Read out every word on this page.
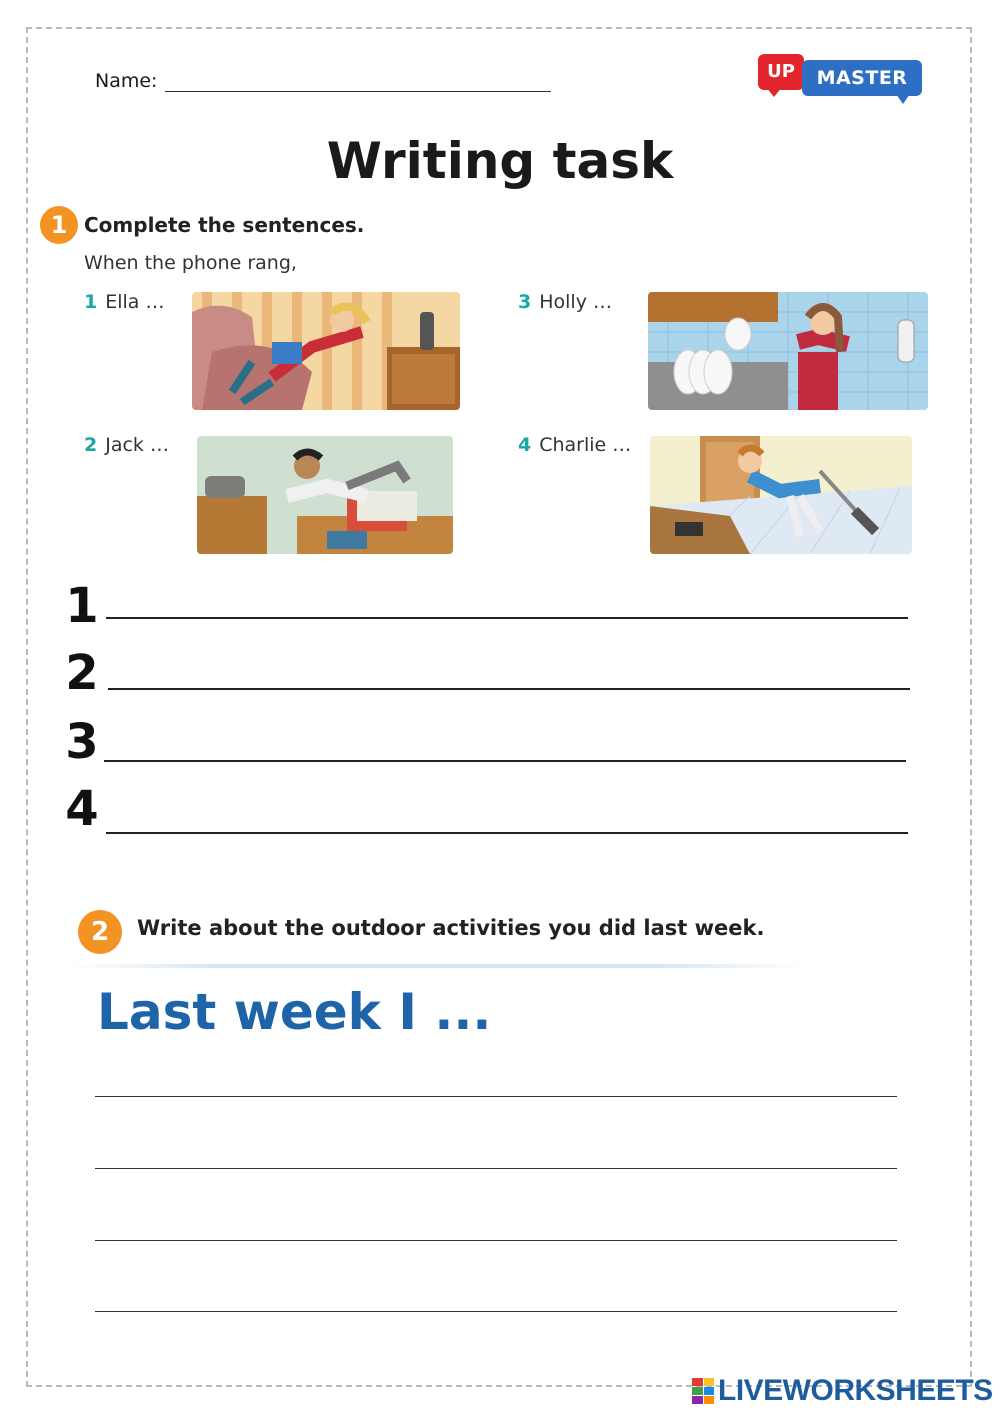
Name:	UP	MASTER
Writing task
1 Complete the sentences.
When the phone rang,
1 Ella …
2 Jack …
3 Holly …
4 Charlie …
1
2
3
4
2	Write about the outdoor activities you did last week.
Last week I ...
LIVEWORKSHEETS
